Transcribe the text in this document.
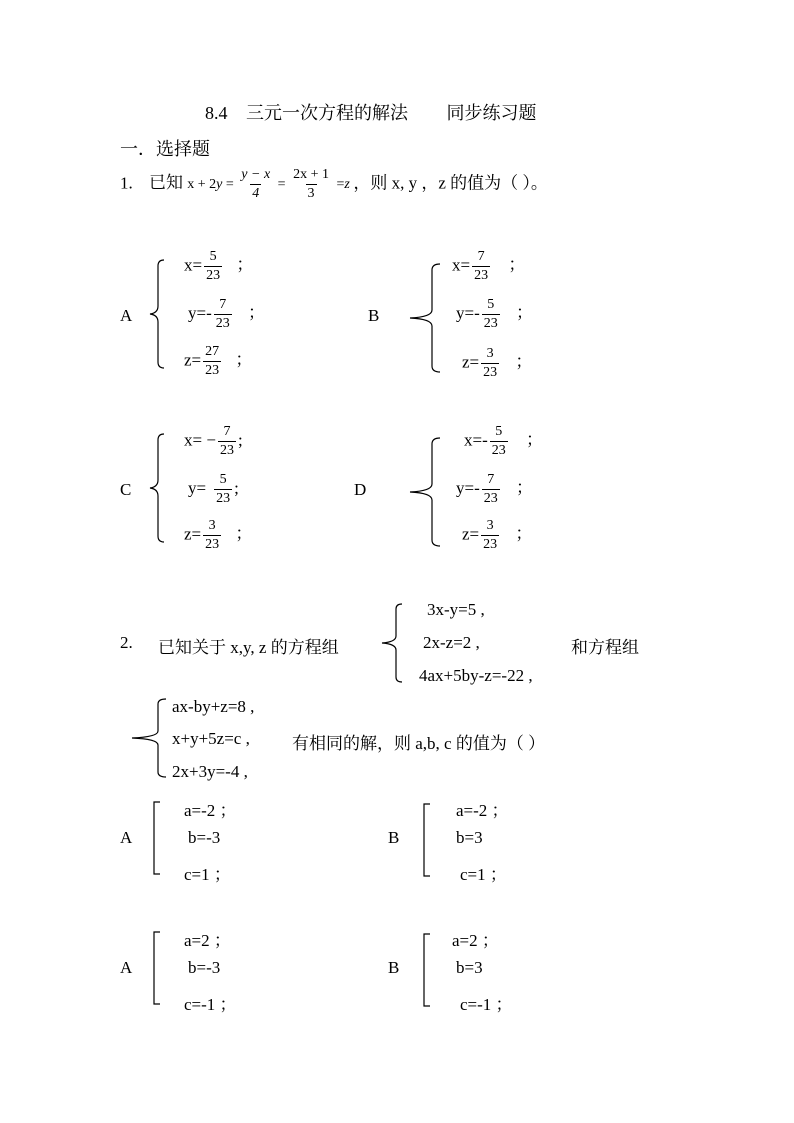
8.4 三元一次方程的解法 同步练习题
一．选择题
1. 已知 $x + 2y = \frac{y - x}{4} = \frac{2x + 1}{3} =z$ ，则 x, y ，z 的值为（ ）。
A
$x= \frac{5}{23}$ ；
$y=- \frac{7}{23}$ ；
$z= \frac{27}{23}$ ；
B
$x= \frac{7}{23}$ ；
$y=- \frac{5}{23}$ ；
$z= \frac{3}{23}$ ；
C
$x= - \frac{7}{23}$ ;
$y= \frac{5}{23}$ ;
$z= \frac{3}{23}$ ；
D
$x=- \frac{5}{23}$ ；
$y=- \frac{7}{23}$ ；
$z= \frac{3}{23}$ ；
2. 已知关于 x,y, z 的方程组
3x-y=5 ,
2x-z=2 ,
4ax+5by-z=-22 ,
和方程组
ax-by+z=8 ,
x+y+5z=c , 有相同的解，则 a,b, c 的值为（ ）
2x+3y=-4 ,
A
a=-2 ；
b=-3
c=1 ；
B
a=-2 ；
b=3
c=1 ；
A
a=2 ；
b=-3
c=-1 ；
B
a=2 ；
b=3
c=-1 ；
